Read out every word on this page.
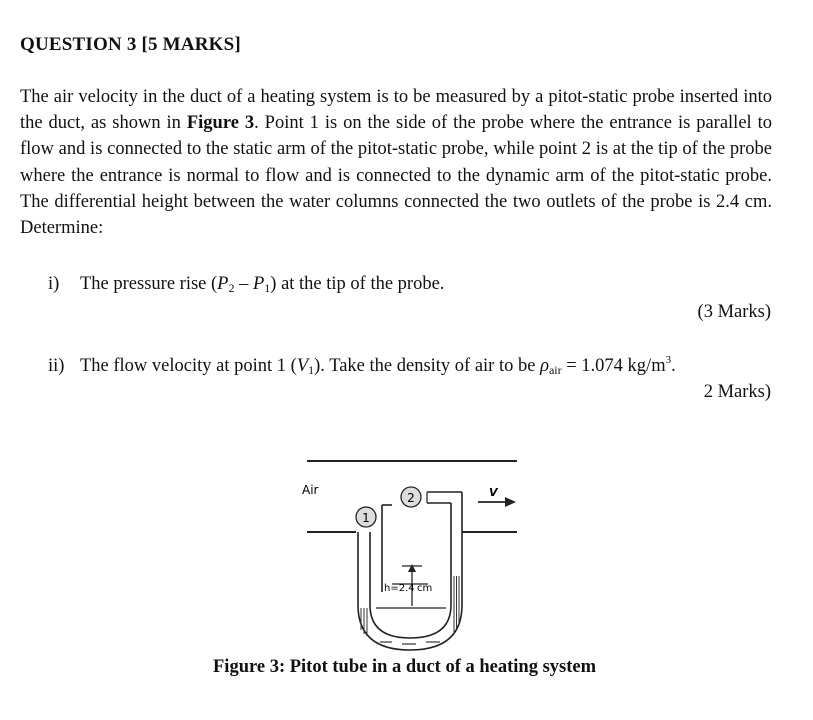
QUESTION 3 [5 MARKS]
The air velocity in the duct of a heating system is to be measured by a pitot-static probe inserted into the duct, as shown in Figure 3. Point 1 is on the side of the probe where the entrance is parallel to flow and is connected to the static arm of the pitot-static probe, while point 2 is at the tip of the probe where the entrance is normal to flow and is connected to the dynamic arm of the pitot-static probe. The differential height between the water columns connected the two outlets of the probe is 2.4 cm. Determine:
i) The pressure rise $(P_2 - P_1)$ at the tip of the probe.
(3 Marks)
ii) The flow velocity at point 1 $(V_1)$. Take the density of air to be $\rho_{air} = 1.074$ $kg/m^3$.
2 Marks)
h=2.4 cm
Air
1
2	V
Figure 3: Pitot tube in a duct of a heating system
